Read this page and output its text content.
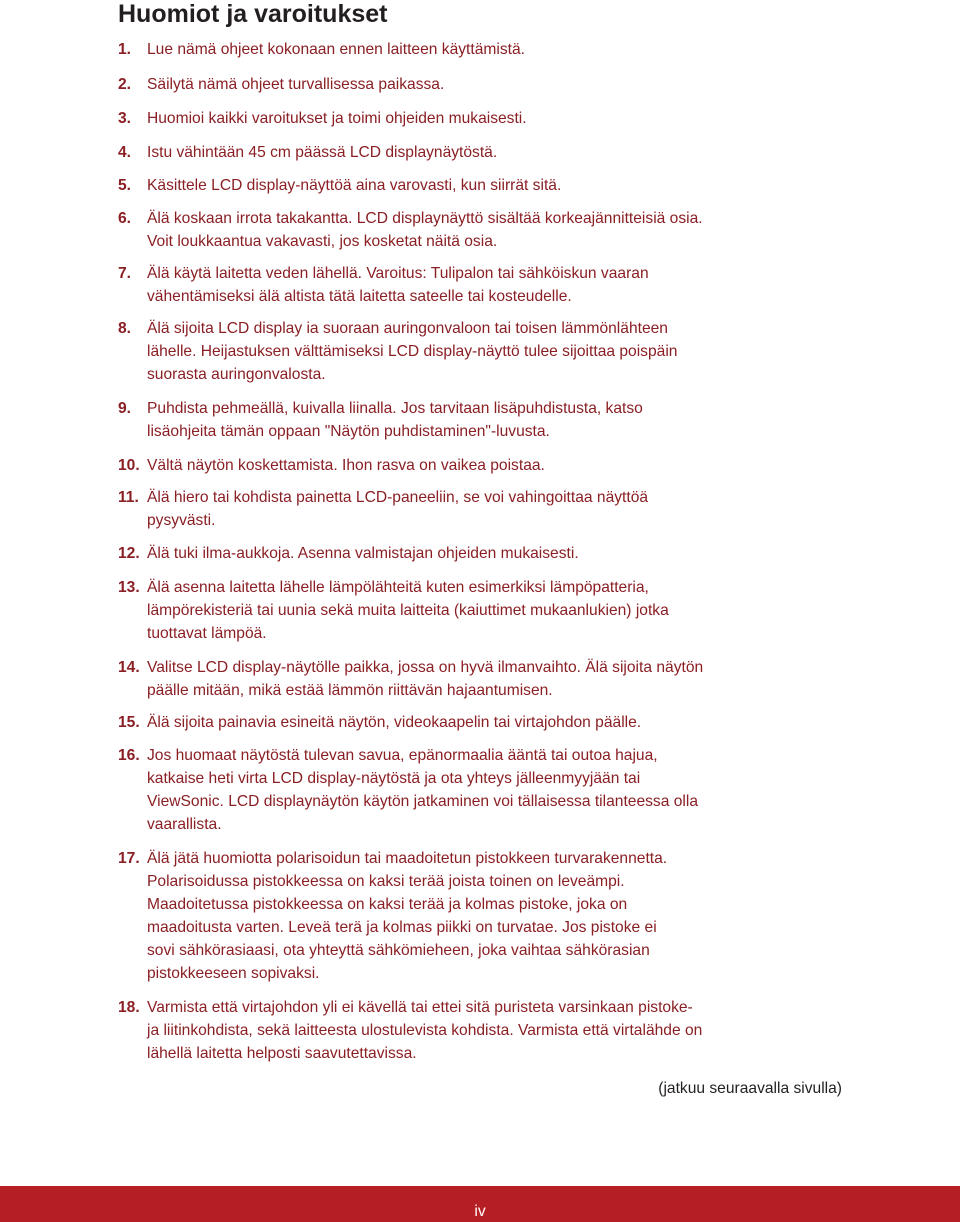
Huomiot ja varoitukset
1. Lue nämä ohjeet kokonaan ennen laitteen käyttämistä.
2. Säilytä nämä ohjeet turvallisessa paikassa.
3. Huomioi kaikki varoitukset ja toimi ohjeiden mukaisesti.
4. Istu vähintään 45 cm päässä LCD displaynäytöstä.
5. Käsittele LCD display-näyttöä aina varovasti, kun siirrät sitä.
6. Älä koskaan irrota takakantta. LCD displaynäyttö sisältää korkeajännitteisiä osia.
Voit loukkaantua vakavasti, jos kosketat näitä osia.
7. Älä käytä laitetta veden lähellä. Varoitus: Tulipalon tai sähköiskun vaaran
vähentämiseksi älä altista tätä laitetta sateelle tai kosteudelle.
8. Älä sijoita LCD display ia suoraan auringonvaloon tai toisen lämmönlähteen
lähelle. Heijastuksen välttämiseksi LCD display-näyttö tulee sijoittaa poispäin
suorasta auringonvalosta.
9. Puhdista pehmeällä, kuivalla liinalla. Jos tarvitaan lisäpuhdistusta, katso
lisäohjeita tämän oppaan "Näytön puhdistaminen"-luvusta.
10. Vältä näytön koskettamista. Ihon rasva on vaikea poistaa.
11. Älä hiero tai kohdista painetta LCD-paneeliin, se voi vahingoittaa näyttöä
pysyvästi.
12. Älä tuki ilma-aukkoja. Asenna valmistajan ohjeiden mukaisesti.
13. Älä asenna laitetta lähelle lämpölähteitä kuten esimerkiksi lämpöpatteria,
lämpörekisteriä tai uunia sekä muita laitteita (kaiuttimet mukaanlukien) jotka
tuottavat lämpöä.
14. Valitse LCD display-näytölle paikka, jossa on hyvä ilmanvaihto. Älä sijoita näytön
päälle mitään, mikä estää lämmön riittävän hajaantumisen.
15. Älä sijoita painavia esineitä näytön, videokaapelin tai virtajohdon päälle.
16. Jos huomaat näytöstä tulevan savua, epänormaalia ääntä tai outoa hajua,
katkaise heti virta LCD display-näytöstä ja ota yhteys jälleenmyyjään tai
ViewSonic. LCD displaynäytön käytön jatkaminen voi tällaisessa tilanteessa olla
vaarallista.
17. Älä jätä huomiotta polarisoidun tai maadoitetun pistokkeen turvarakennetta.
Polarisoidussa pistokkeessa on kaksi terää joista toinen on leveämpi.
Maadoitetussa pistokkeessa on kaksi terää ja kolmas pistoke, joka on
maadoitusta varten. Leveä terä ja kolmas piikki on turvatae. Jos pistoke ei
sovi sähkörasiaasi, ota yhteyttä sähkömieheen, joka vaihtaa sähkörasian
pistokkeeseen sopivaksi.
18. Varmista että virtajohdon yli ei kävellä tai ettei sitä puristeta varsinkaan pistoke-
ja liitinkohdista, sekä laitteesta ulostulevista kohdista. Varmista että virtalähde on
lähellä laitetta helposti saavutettavissa.
(jatkuu seuraavalla sivulla)
iv
